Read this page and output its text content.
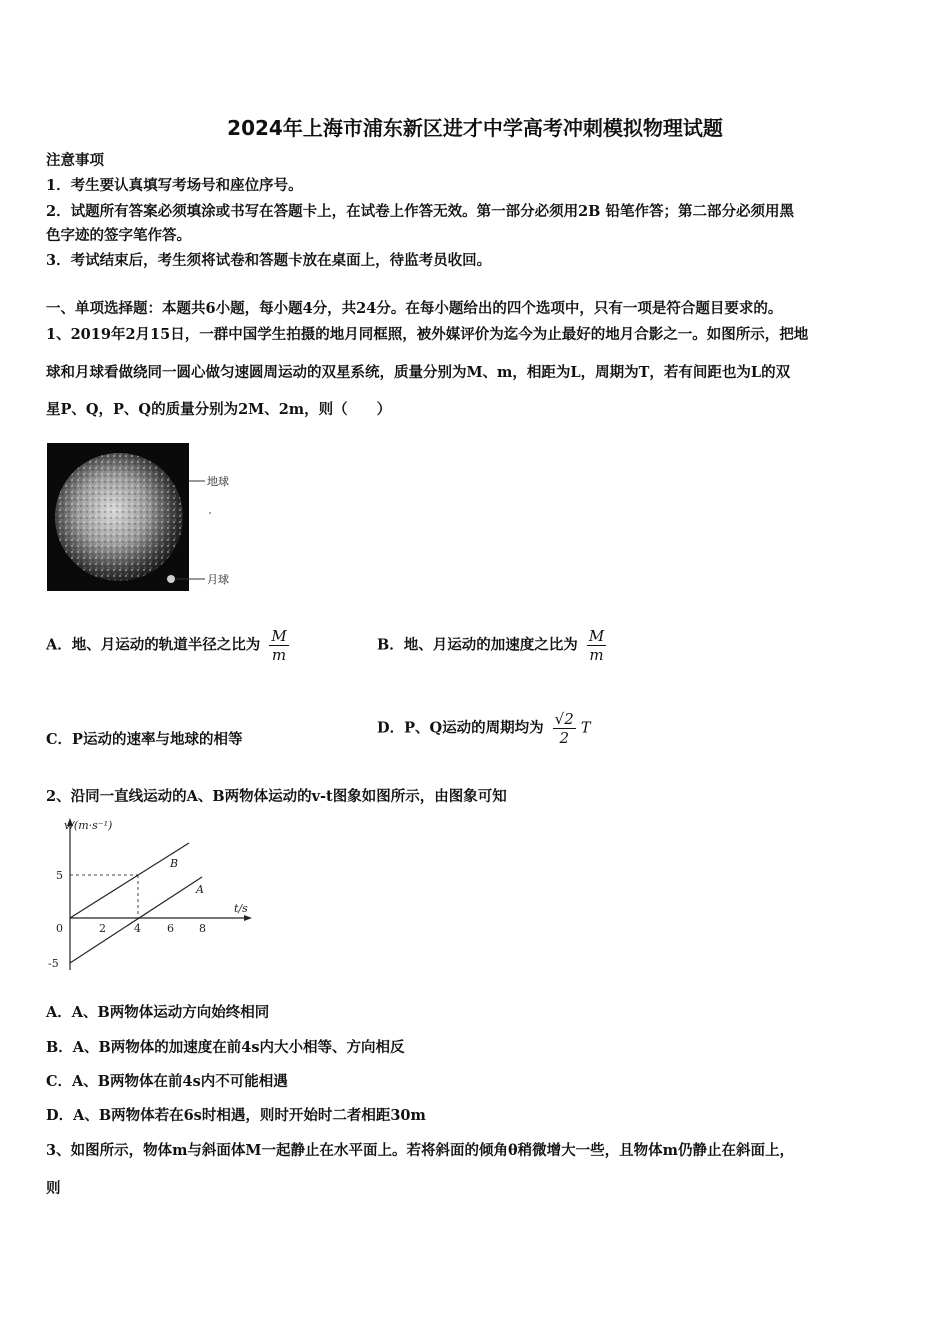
2024年上海市浦东新区进才中学高考冲刺模拟物理试题
注意事项
1．考生要认真填写考场号和座位序号。
2．试题所有答案必须填涂或书写在答题卡上，在试卷上作答无效。第一部分必须用2B 铅笔作答；第二部分必须用黑
色字迹的签字笔作答。
3．考试结束后，考生须将试卷和答题卡放在桌面上，待监考员收回。
一、单项选择题：本题共6小题，每小题4分，共24分。在每小题给出的四个选项中，只有一项是符合题目要求的。
1、2019年2月15日，一群中国学生拍摄的地月同框照，被外媒评价为迄今为止最好的地月合影之一。如图所示，把地
球和月球看做绕同一圆心做匀速圆周运动的双星系统，质量分别为M、m，相距为L，周期为T，若有间距也为L的双
星P、Q，P、Q的质量分别为2M、2m，则（　　）
地球
月球
A．地、月运动的轨道半径之比为 $\frac{M}{m}$	B．地、月运动的加速度之比为 $\frac{M}{m}$
C．P运动的速率与地球的相等
D．P、Q运动的周期均为 $\frac{√2}{2}$ T
2、沿同一直线运动的A、B两物体运动的v-t图象如图所示，由图象可知
v/(m·s⁻¹)
t/s
5
-5
0	2	4 6 8
B
A
A．A、B两物体运动方向始终相同
B．A、B两物体的加速度在前4s内大小相等、方向相反
C．A、B两物体在前4s内不可能相遇
D．A、B两物体若在6s时相遇，则时开始时二者相距30m
3、如图所示，物体m与斜面体M一起静止在水平面上。若将斜面的倾角θ稍微增大一些，且物体m仍静止在斜面上，
则
